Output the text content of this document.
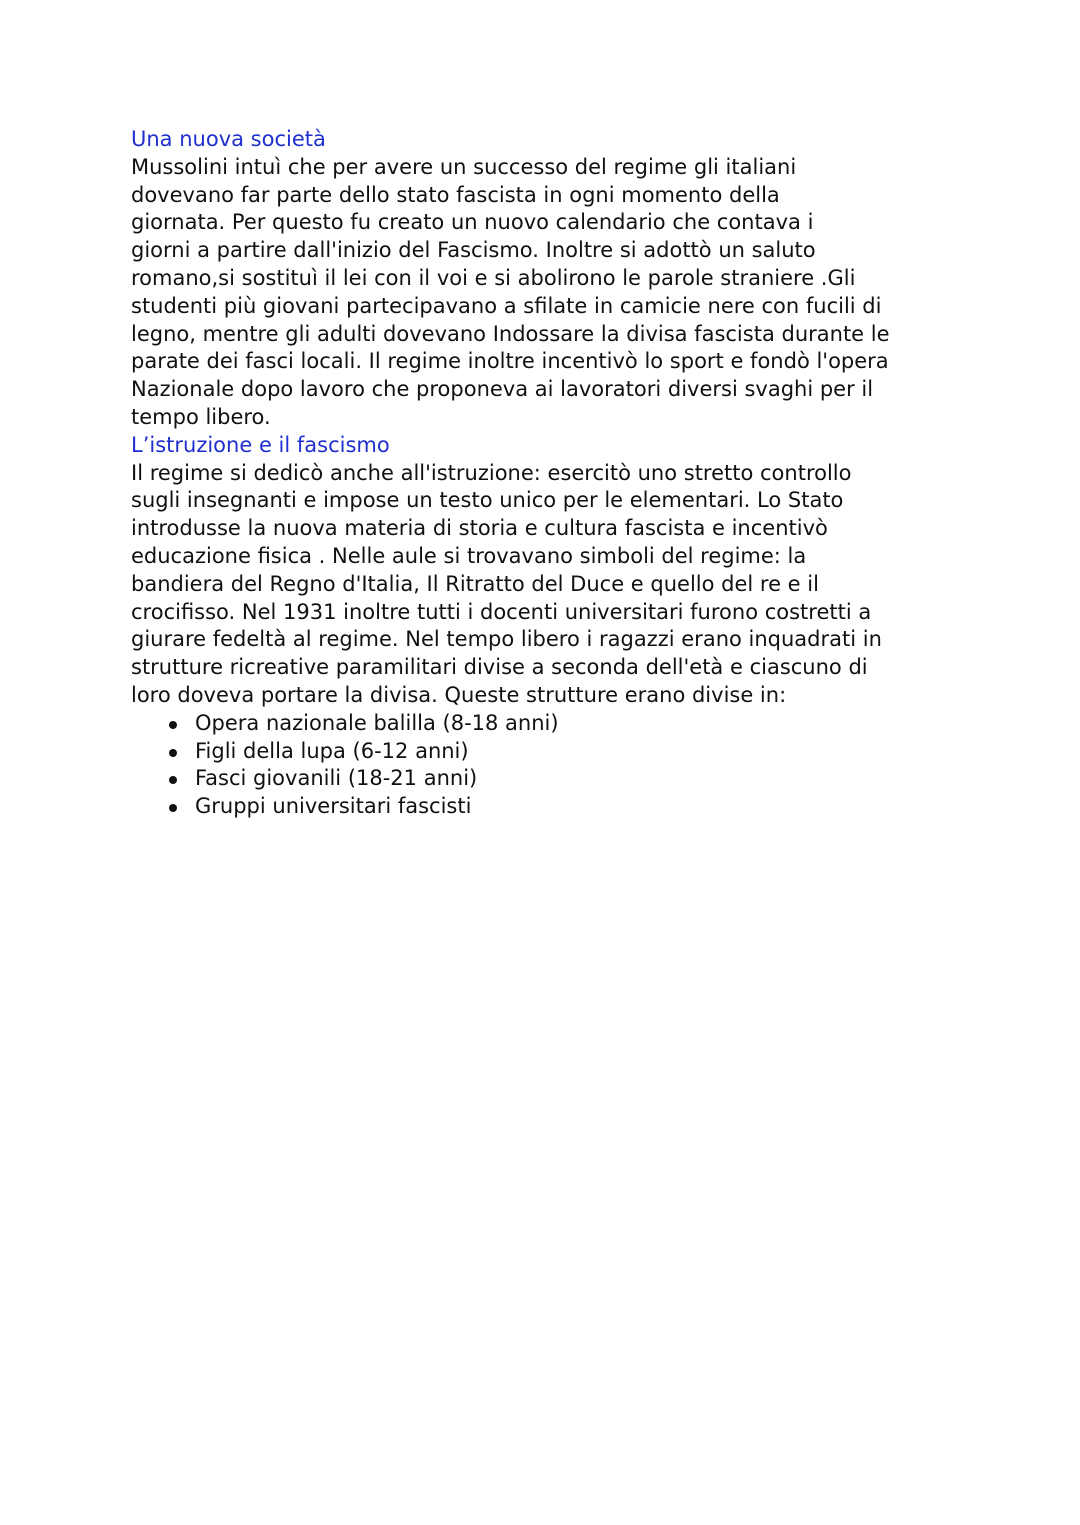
Una nuova società

Mussolini intuì che per avere un successo del regime gli italiani
dovevano far parte dello stato fascista in ogni momento della
giornata. Per questo fu creato un nuovo calendario che contava i
giorni a partire dall'inizio del Fascismo. Inoltre si adottò un saluto
romano,si sostituì il lei con il voi e si abolirono le parole straniere .Gli
studenti più giovani partecipavano a sfilate in camicie nere con fucili di
legno, mentre gli adulti dovevano Indossare la divisa fascista durante le
parate dei fasci locali. Il regime inoltre incentivò lo sport e fondò l'opera
Nazionale dopo lavoro che proponeva ai lavoratori diversi svaghi per il
tempo libero.

L’istruzione e il fascismo

Il regime si dedicò anche all'istruzione: esercitò uno stretto controllo
sugli insegnanti e impose un testo unico per le elementari. Lo Stato
introdusse la nuova materia di storia e cultura fascista e incentivò
educazione fisica . Nelle aule si trovavano simboli del regime: la
bandiera del Regno d'Italia, Il Ritratto del Duce e quello del re e il
crocifisso. Nel 1931 inoltre tutti i docenti universitari furono costretti a
giurare fedeltà al regime. Nel tempo libero i ragazzi erano inquadrati in
strutture ricreative paramilitari divise a seconda dell'età e ciascuno di
loro doveva portare la divisa. Queste strutture erano divise in:

Opera nazionale balilla (8-18 anni)
Figli della lupa (6-12 anni)
Fasci giovanili (18-21 anni)
Gruppi universitari fascisti
